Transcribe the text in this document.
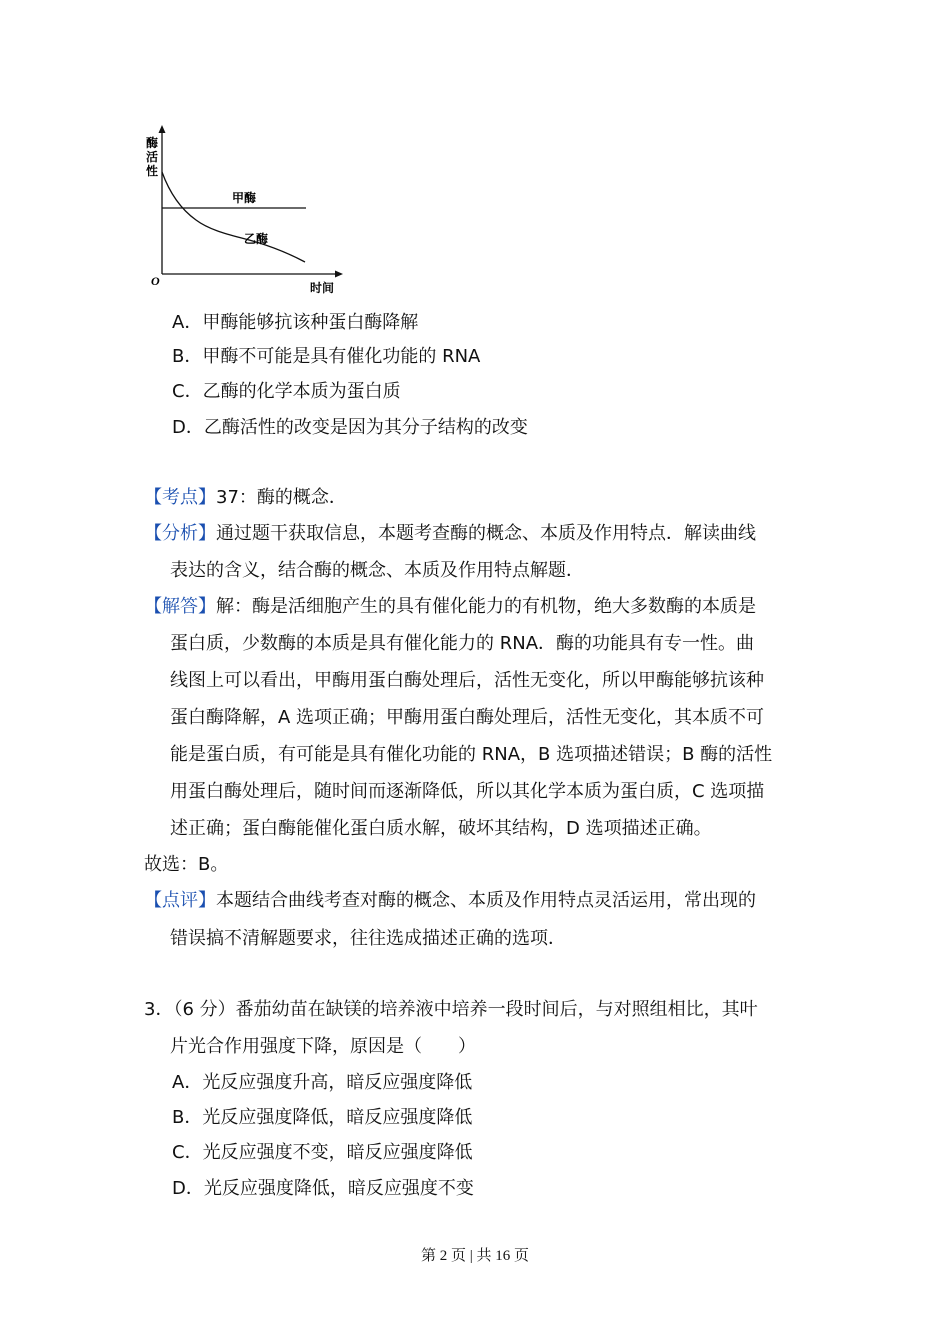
酶
活
性
O	时间
甲酶
乙酶
A．甲酶能够抗该种蛋白酶降解
B．甲酶不可能是具有催化功能的 RNA
C．乙酶的化学本质为蛋白质
D．乙酶活性的改变是因为其分子结构的改变
【考点】37：酶的概念．
【分析】通过题干获取信息，本题考查酶的概念、本质及作用特点．解读曲线
表达的含义，结合酶的概念、本质及作用特点解题．
【解答】解：酶是活细胞产生的具有催化能力的有机物，绝大多数酶的本质是
蛋白质，少数酶的本质是具有催化能力的 RNA．酶的功能具有专一性。曲
线图上可以看出，甲酶用蛋白酶处理后，活性无变化，所以甲酶能够抗该种
蛋白酶降解，A 选项正确；甲酶用蛋白酶处理后，活性无变化，其本质不可
能是蛋白质，有可能是具有催化功能的 RNA，B 选项描述错误；B 酶的活性
用蛋白酶处理后，随时间而逐渐降低，所以其化学本质为蛋白质，C 选项描
述正确；蛋白酶能催化蛋白质水解，破坏其结构，D 选项描述正确。
故选：B。
【点评】本题结合曲线考查对酶的概念、本质及作用特点灵活运用，常出现的
错误搞不清解题要求，往往选成描述正确的选项．
3．（6 分）番茄幼苗在缺镁的培养液中培养一段时间后，与对照组相比，其叶
片光合作用强度下降，原因是（　　）
A．光反应强度升高，暗反应强度降低
B．光反应强度降低，暗反应强度降低
C．光反应强度不变，暗反应强度降低
D．光反应强度降低，暗反应强度不变
第 2 页 | 共 16 页
